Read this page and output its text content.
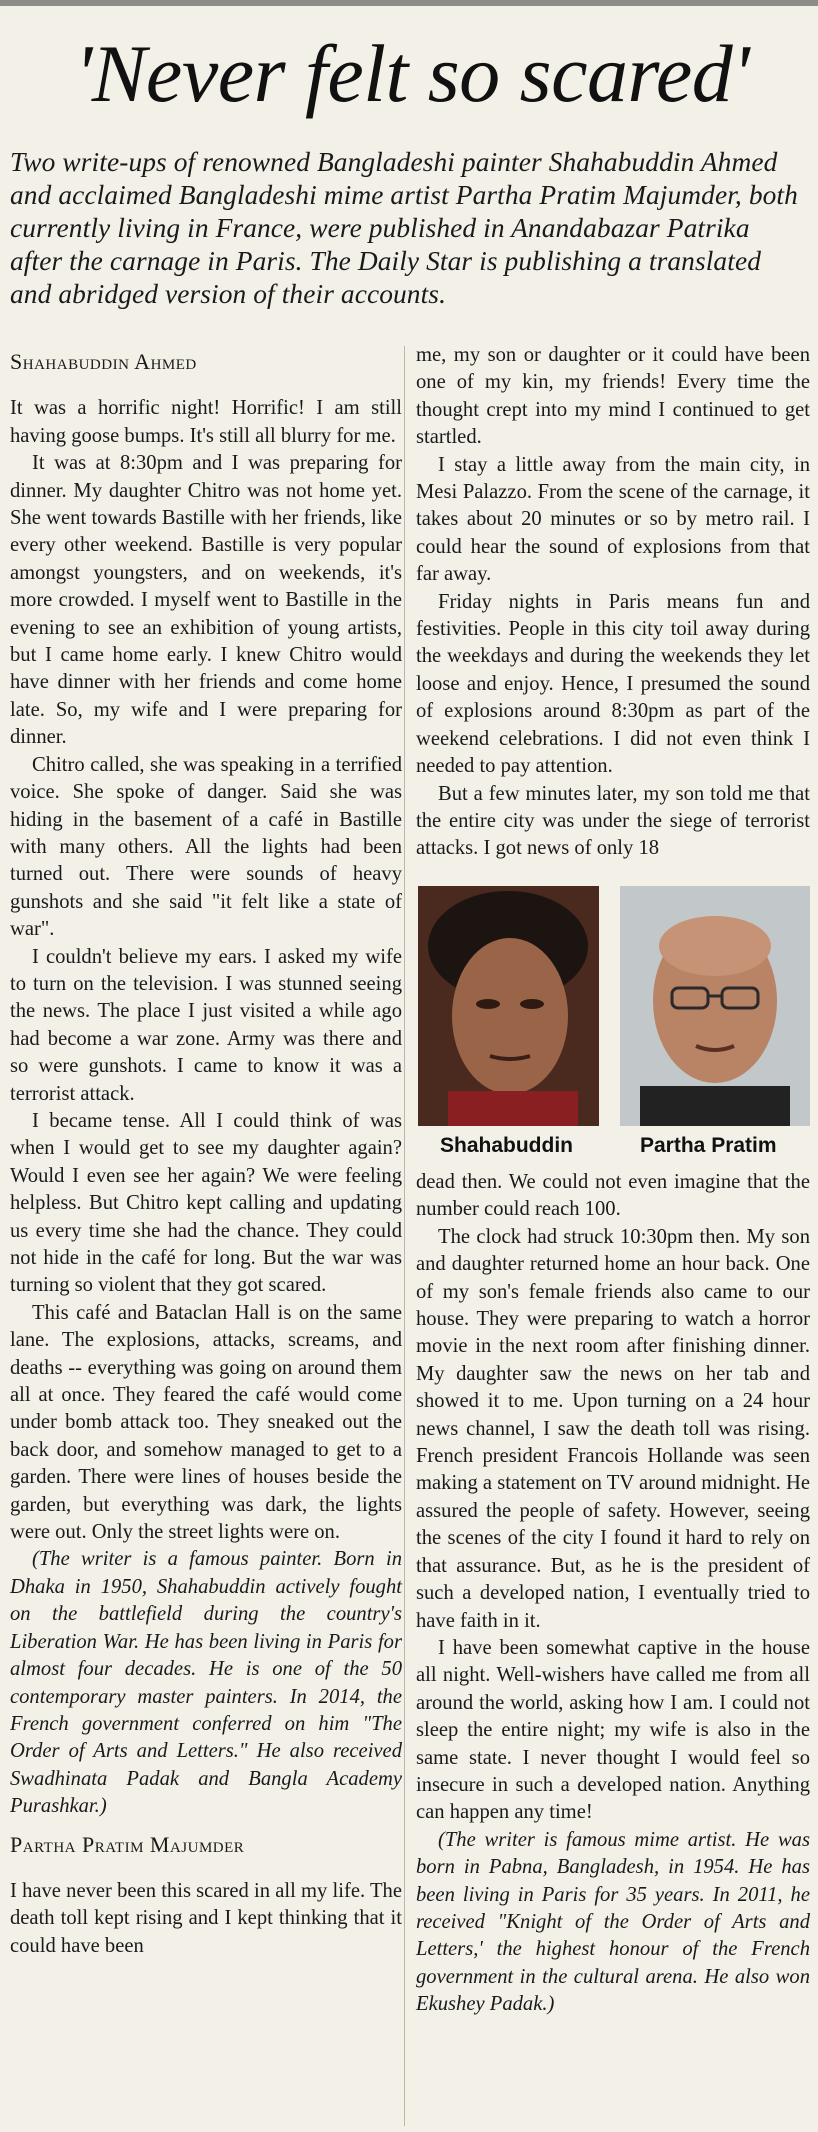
'Never felt so scared'
Two write-ups of renowned Bangladeshi painter Shahabuddin Ahmed and acclaimed Bangladeshi mime artist Partha Pratim Majumder, both currently living in France, were published in Anandabazar Patrika after the carnage in Paris. The Daily Star is publishing a translated and abridged version of their accounts.
Shahabuddin Ahmed

It was a horrific night! Horrific! I am still having goose bumps. It's still all blurry for me.

It was at 8:30pm and I was preparing for dinner. My daughter Chitro was not home yet. She went towards Bastille with her friends, like every other weekend. Bastille is very popular amongst youngsters, and on weekends, it's more crowded. I myself went to Bastille in the evening to see an exhibition of young artists, but I came home early. I knew Chitro would have dinner with her friends and come home late. So, my wife and I were preparing for dinner.

Chitro called, she was speaking in a terrified voice. She spoke of danger. Said she was hiding in the basement of a café in Bastille with many others. All the lights had been turned out. There were sounds of heavy gunshots and she said "it felt like a state of war".

I couldn't believe my ears. I asked my wife to turn on the television. I was stunned seeing the news. The place I just visited a while ago had become a war zone. Army was there and so were gunshots. I came to know it was a terrorist attack.

I became tense. All I could think of was when I would get to see my daughter again? Would I even see her again? We were feeling helpless. But Chitro kept calling and updating us every time she had the chance. They could not hide in the café for long. But the war was turning so violent that they got scared.

This café and Bataclan Hall is on the same lane. The explosions, attacks, screams, and deaths -- everything was going on around them all at once. They feared the café would come under bomb attack too. They sneaked out the back door, and somehow managed to get to a garden. There were lines of houses beside the garden, but everything was dark, the lights were out. Only the street lights were on.

(The writer is a famous painter. Born in Dhaka in 1950, Shahabuddin actively fought on the battlefield during the country's Liberation War. He has been living in Paris for almost four decades. He is one of the 50 contemporary master painters. In 2014, the French government conferred on him "The Order of Arts and Letters." He also received Swadhinata Padak and Bangla Academy Purashkar.)

Partha Pratim Majumder

I have never been this scared in all my life. The death toll kept rising and I kept thinking that it could have been

me, my son or daughter or it could have been one of my kin, my friends! Every time the thought crept into my mind I continued to get startled.

I stay a little away from the main city, in Mesi Palazzo. From the scene of the carnage, it takes about 20 minutes or so by metro rail. I could hear the sound of explosions from that far away.

Friday nights in Paris means fun and festivities. People in this city toil away during the weekdays and during the weekends they let loose and enjoy. Hence, I presumed the sound of explosions around 8:30pm as part of the weekend celebrations. I did not even think I needed to pay attention.

But a few minutes later, my son told me that the entire city was under the siege of terrorist attacks. I got news of only 18

Shahabuddin	Partha Pratim

dead then. We could not even imagine that the number could reach 100.

The clock had struck 10:30pm then. My son and daughter returned home an hour back. One of my son's female friends also came to our house. They were preparing to watch a horror movie in the next room after finishing dinner. My daughter saw the news on her tab and showed it to me. Upon turning on a 24 hour news channel, I saw the death toll was rising. French president Francois Hollande was seen making a statement on TV around midnight. He assured the people of safety. However, seeing the scenes of the city I found it hard to rely on that assurance. But, as he is the president of such a developed nation, I eventually tried to have faith in it.

I have been somewhat captive in the house all night. Well-wishers have called me from all around the world, asking how I am. I could not sleep the entire night; my wife is also in the same state. I never thought I would feel so insecure in such a developed nation. Anything can happen any time!

(The writer is famous mime artist. He was born in Pabna, Bangladesh, in 1954. He has been living in Paris for 35 years. In 2011, he received "Knight of the Order of Arts and Letters,' the highest honour of the French government in the cultural arena. He also won Ekushey Padak.)
